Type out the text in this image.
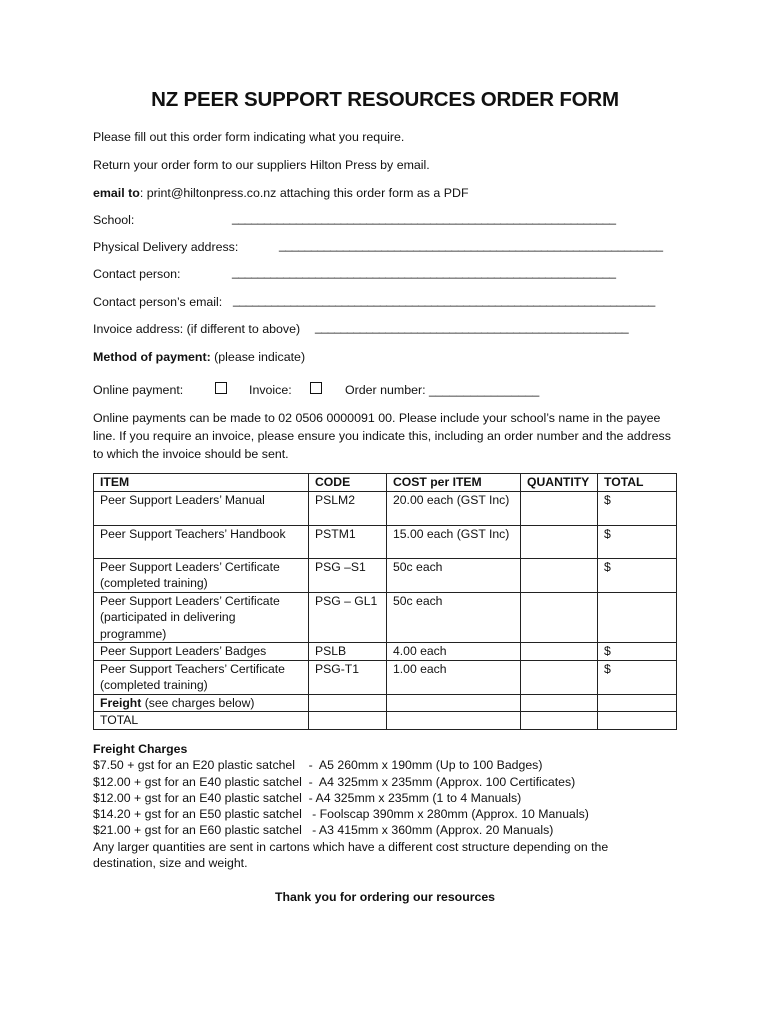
NZ PEER SUPPORT RESOURCES ORDER FORM
Please fill out this order form indicating what you require.
Return your order form to our suppliers Hilton Press by email.
email to: print@hiltonpress.co.nz attaching this order form as a PDF
School:	____________________________________________________________
Physical Delivery address:	____________________________________________________________
Contact person:	____________________________________________________________
Contact person’s email: __________________________________________________________________
Invoice address: (if different to above) _________________________________________________
Method of payment: (please indicate)
Online payment:	Invoice:	Order number: ________________
Online payments can be made to 02 0506 0000091 00. Please include your school’s name in the payee line. If you require an invoice, please ensure you indicate this, including an order number and the address to which the invoice should be sent.
ITEM	CODE	COST per ITEM	QUANTITY	TOTAL
Peer Support Leaders’ Manual	PSLM2	20.00 each (GST Inc)		$
Peer Support Teachers’ Handbook	PSTM1	15.00 each (GST Inc)		$
Peer Support Leaders’ Certificate (completed training)	PSG –S1	50c each		$
Peer Support Leaders’ Certificate (participated in delivering programme)	PSG – GL1	50c each		
Peer Support Leaders’ Badges	PSLB	4.00 each		$
Peer Support Teachers’ Certificate (completed training)	PSG-T1	1.00 each		$
Freight (see charges below)				
TOTAL				
Freight Charges
$7.50 + gst for an E20 plastic satchel    -  A5 260mm x 190mm (Up to 100 Badges)
$12.00 + gst for an E40 plastic satchel  -  A4 325mm x 235mm (Approx. 100 Certificates)
$12.00 + gst for an E40 plastic satchel  - A4 325mm x 235mm (1 to 4 Manuals)
$14.20 + gst for an E50 plastic satchel   - Foolscap 390mm x 280mm (Approx. 10 Manuals)
$21.00 + gst for an E60 plastic satchel   - A3 415mm x 360mm (Approx. 20 Manuals)
Any larger quantities are sent in cartons which have a different cost structure depending on the destination, size and weight.
Thank you for ordering our resources
